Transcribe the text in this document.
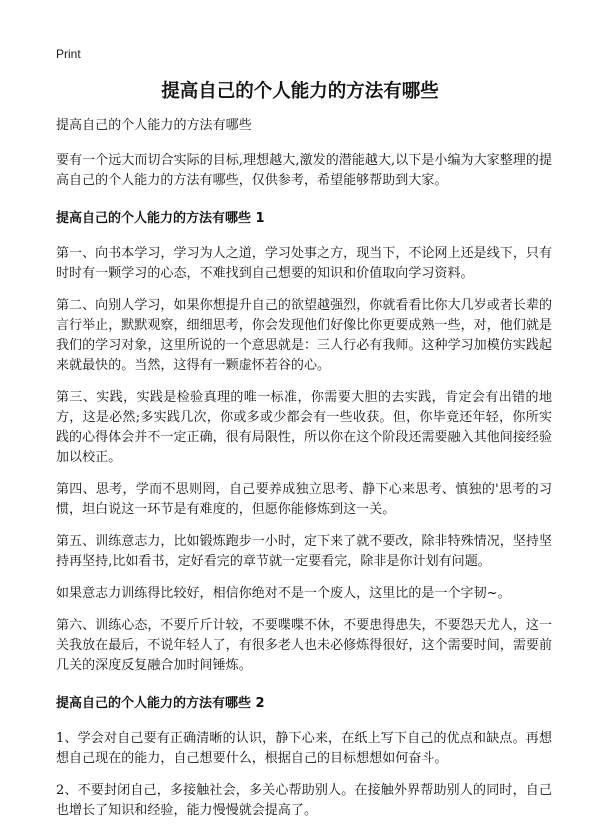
Print
提高自己的个人能力的方法有哪些

提高自己的个人能力的方法有哪些

要有一个远大而切合实际的目标,理想越大,激发的潜能越大,以下是小编为大家整理的提高自己的个人能力的方法有哪些，仅供参考，希望能够帮助到大家。

提高自己的个人能力的方法有哪些 1

第一、向书本学习，学习为人之道，学习处事之方，现当下，不论网上还是线下，只有时时有一颗学习的心态，不难找到自己想要的知识和价值取向学习资料。

第二、向别人学习，如果你想提升自己的欲望越强烈，你就看看比你大几岁或者长辈的言行举止，默默观察，细细思考，你会发现他们好像比你更要成熟一些，对，他们就是我们的学习对象，这里所说的一个意思就是：三人行必有我师。这种学习加模仿实践起来就最快的。当然，这得有一颗虚怀若谷的心。

第三、实践，实践是检验真理的唯一标准，你需要大胆的去实践，肯定会有出错的地方，这是必然;多实践几次，你或多或少都会有一些收获。但，你毕竟还年轻，你所实践的心得体会并不一定正确，很有局限性，所以你在这个阶段还需要融入其他间接经验加以校正。

第四、思考，学而不思则罔，自己要养成独立思考、静下心来思考、慎独的'思考的习惯，坦白说这一环节是有难度的，但愿你能修炼到这一关。

第五、训练意志力，比如锻炼跑步一小时，定下来了就不要改，除非特殊情况，坚持坚持再坚持,比如看书，定好看完的章节就一定要看完，除非是你计划有问题。

如果意志力训练得比较好，相信你绝对不是一个废人，这里比的是一个字韧~。

第六、训练心态，不要斤斤计较，不要喋喋不休，不要患得患失，不要怨天尤人，这一关我放在最后，不说年轻人了，有很多老人也未必修炼得很好，这个需要时间，需要前几关的深度反复融合加时间锤炼。

提高自己的个人能力的方法有哪些 2

1、学会对自己要有正确清晰的认识，静下心来，在纸上写下自己的优点和缺点。再想想自己现在的能力，自己想要什么，根据自己的目标想想如何奋斗。

2、不要封闭自己，多接触社会，多关心帮助别人。在接触外界帮助别人的同时，自己也增长了知识和经验，能力慢慢就会提高了。
